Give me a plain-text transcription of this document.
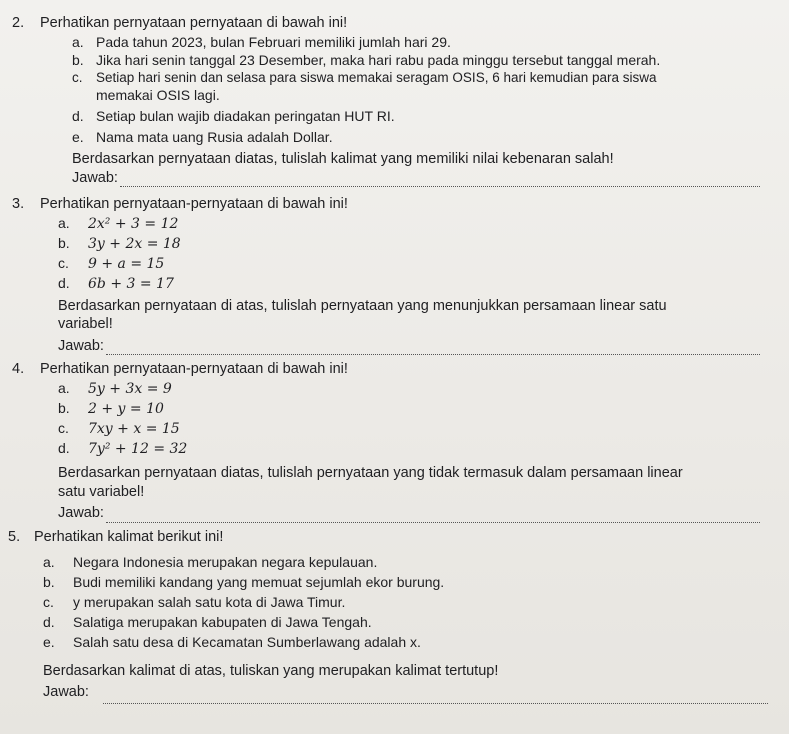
2. Perhatikan pernyataan pernyataan di bawah ini!
a. Pada tahun 2023, bulan Februari memiliki jumlah hari 29.
b. Jika hari senin tanggal 23 Desember, maka hari rabu pada minggu tersebut tanggal merah.
c. Setiap hari senin dan selasa para siswa memakai seragam OSIS, 6 hari kemudian para siswa
memakai OSIS lagi.
d. Setiap bulan wajib diadakan peringatan HUT RI.
e. Nama mata uang Rusia adalah Dollar.
Berdasarkan pernyataan diatas, tulislah kalimat yang memiliki nilai kebenaran salah!
Jawab:
3. Perhatikan pernyataan-pernyataan di bawah ini!
a. 2x² + 3 = 12
b. 3y + 2x = 18
c. 9 + a = 15
d. 6b + 3 = 17
Berdasarkan pernyataan di atas, tulislah pernyataan yang menunjukkan persamaan linear satu
variabel!
Jawab:
4. Perhatikan pernyataan-pernyataan di bawah ini!
a. 5y + 3x = 9
b. 2 + y = 10
c. 7xy + x = 15
d. 7y² + 12 = 32
Berdasarkan pernyataan diatas, tulislah pernyataan yang tidak termasuk dalam persamaan linear
satu variabel!
Jawab:
5. Perhatikan kalimat berikut ini!
a. Negara Indonesia merupakan negara kepulauan.
b. Budi memiliki kandang yang memuat sejumlah ekor burung.
c. y merupakan salah satu kota di Jawa Timur.
d. Salatiga merupakan kabupaten di Jawa Tengah.
e. Salah satu desa di Kecamatan Sumberlawang adalah x.
Berdasarkan kalimat di atas, tuliskan yang merupakan kalimat tertutup!
Jawab:
